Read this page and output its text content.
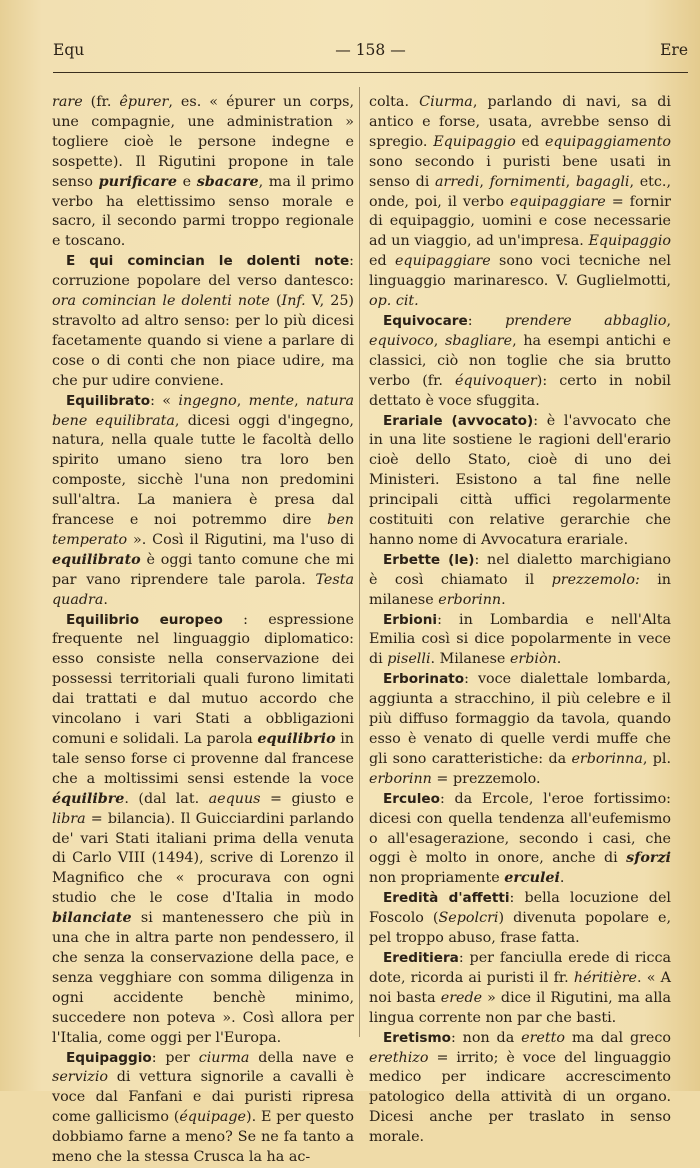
Equ	— 158 —	Ere

rare (fr. êpurer, es. « épurer un corps, une compagnie, une administration » togliere cioè le persone indegne e sospette). Il Rigutini propone in tale senso purificare e sbacare, ma il primo verbo ha elettissimo senso morale e sacro, il secondo parmi troppo regionale e toscano.

E qui comincian le dolenti note: corruzione popolare del verso dantesco: ora comincian le dolenti note (Inf. V, 25) stravolto ad altro senso: per lo più dicesi facetamente quando si viene a parlare di cose o di conti che non piace udire, ma che pur udire conviene.

Equilibrato: « ingegno, mente, natura bene equilibrata, dicesi oggi d'ingegno, natura, nella quale tutte le facoltà dello spirito umano sieno tra loro ben composte, sicchè l'una non predomini sull'altra. La maniera è presa dal francese e noi potremmo dire ben temperato ». Così il Rigutini, ma l'uso di equilibrato è oggi tanto comune che mi par vano riprendere tale parola. Testa quadra.

Equilibrio europeo : espressione frequente nel linguaggio diplomatico: esso consiste nella conservazione dei possessi territoriali quali furono limitati dai trattati e dal mutuo accordo che vincolano i vari Stati a obbligazioni comuni e solidali. La parola equilibrio in tale senso forse ci provenne dal francese che a moltissimi sensi estende la voce équilibre. (dal lat. aequus = giusto e libra = bilancia). Il Guicciardini parlando de' vari Stati italiani prima della venuta di Carlo VIII (1494), scrive di Lorenzo il Magnifico che « procurava con ogni studio che le cose d'Italia in modo bilanciate si mantenessero che più in una che in altra parte non pendessero, il che senza la conservazione della pace, e senza vegghiare con somma diligenza in ogni accidente benchè minimo, succedere non poteva ». Così allora per l'Italia, come oggi per l'Europa.

Equipaggio: per ciurma della nave e servizio di vettura signorile a cavalli è voce dal Fanfani e dai puristi ripresa come gallicismo (équipage). E per questo dobbiamo farne a meno? Se ne fa tanto a meno che la stessa Crusca la ha ac-

colta. Ciurma, parlando di navi, sa di antico e forse, usata, avrebbe senso di spregio. Equipaggio ed equipaggiamento sono secondo i puristi bene usati in senso di arredi, fornimenti, bagagli, etc., onde, poi, il verbo equipaggiare = fornir di equipaggio, uomini e cose necessarie ad un viaggio, ad un'impresa. Equipaggio ed equipaggiare sono voci tecniche nel linguaggio marinaresco. V. Guglielmotti, op. cit.

Equivocare: prendere abbaglio, equivoco, sbagliare, ha esempi antichi e classici, ciò non toglie che sia brutto verbo (fr. équivoquer): certo in nobil dettato è voce sfuggita.

Erariale (avvocato): è l'avvocato che in una lite sostiene le ragioni dell'erario cioè dello Stato, cioè di uno dei Ministeri. Esistono a tal fine nelle principali città uffici regolarmente costituiti con relative gerarchie che hanno nome di Avvocatura erariale.

Erbette (le): nel dialetto marchigiano è così chiamato il prezzemolo: in milanese erborinn.

Erbioni: in Lombardia e nell'Alta Emilia così si dice popolarmente in vece di piselli. Milanese erbiòn.

Erborinato: voce dialettale lombarda, aggiunta a stracchino, il più celebre e il più diffuso formaggio da tavola, quando esso è venato di quelle verdi muffe che gli sono caratteristiche: da erborinna, pl. erborinn = prezzemolo.

Erculeo: da Ercole, l'eroe fortissimo: dicesi con quella tendenza all'eufemismo o all'esagerazione, secondo i casi, che oggi è molto in onore, anche di sforzi non propriamente erculei.

Eredità d'affetti: bella locuzione del Foscolo (Sepolcri) divenuta popolare e, pel troppo abuso, frase fatta.

Ereditiera: per fanciulla erede di ricca dote, ricorda ai puristi il fr. héritière. « A noi basta erede » dice il Rigutini, ma alla lingua corrente non par che basti.

Eretismo: non da eretto ma dal greco erethizo = irrito; è voce del linguaggio medico per indicare accrescimento patologico della attività di un organo. Dicesi anche per traslato in senso morale.
